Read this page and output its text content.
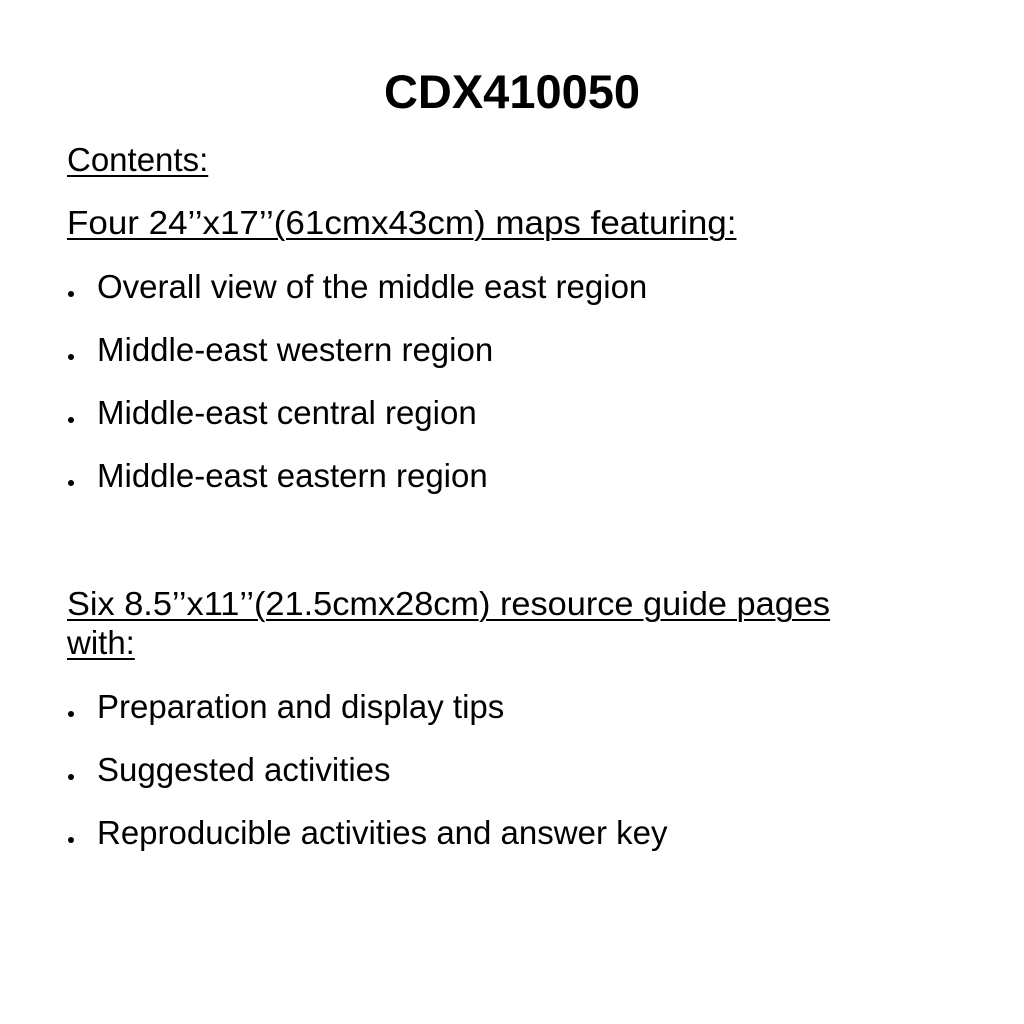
CDX410050
Contents:
Four 24’’x17’’(61cmx43cm) maps featuring:
Overall view of the middle east region
Middle-east western region
Middle-east central region
Middle-east eastern region
Six 8.5’’x11’’(21.5cmx28cm) resource guide pages
with:
Preparation and display tips
Suggested activities
Reproducible activities and answer key
